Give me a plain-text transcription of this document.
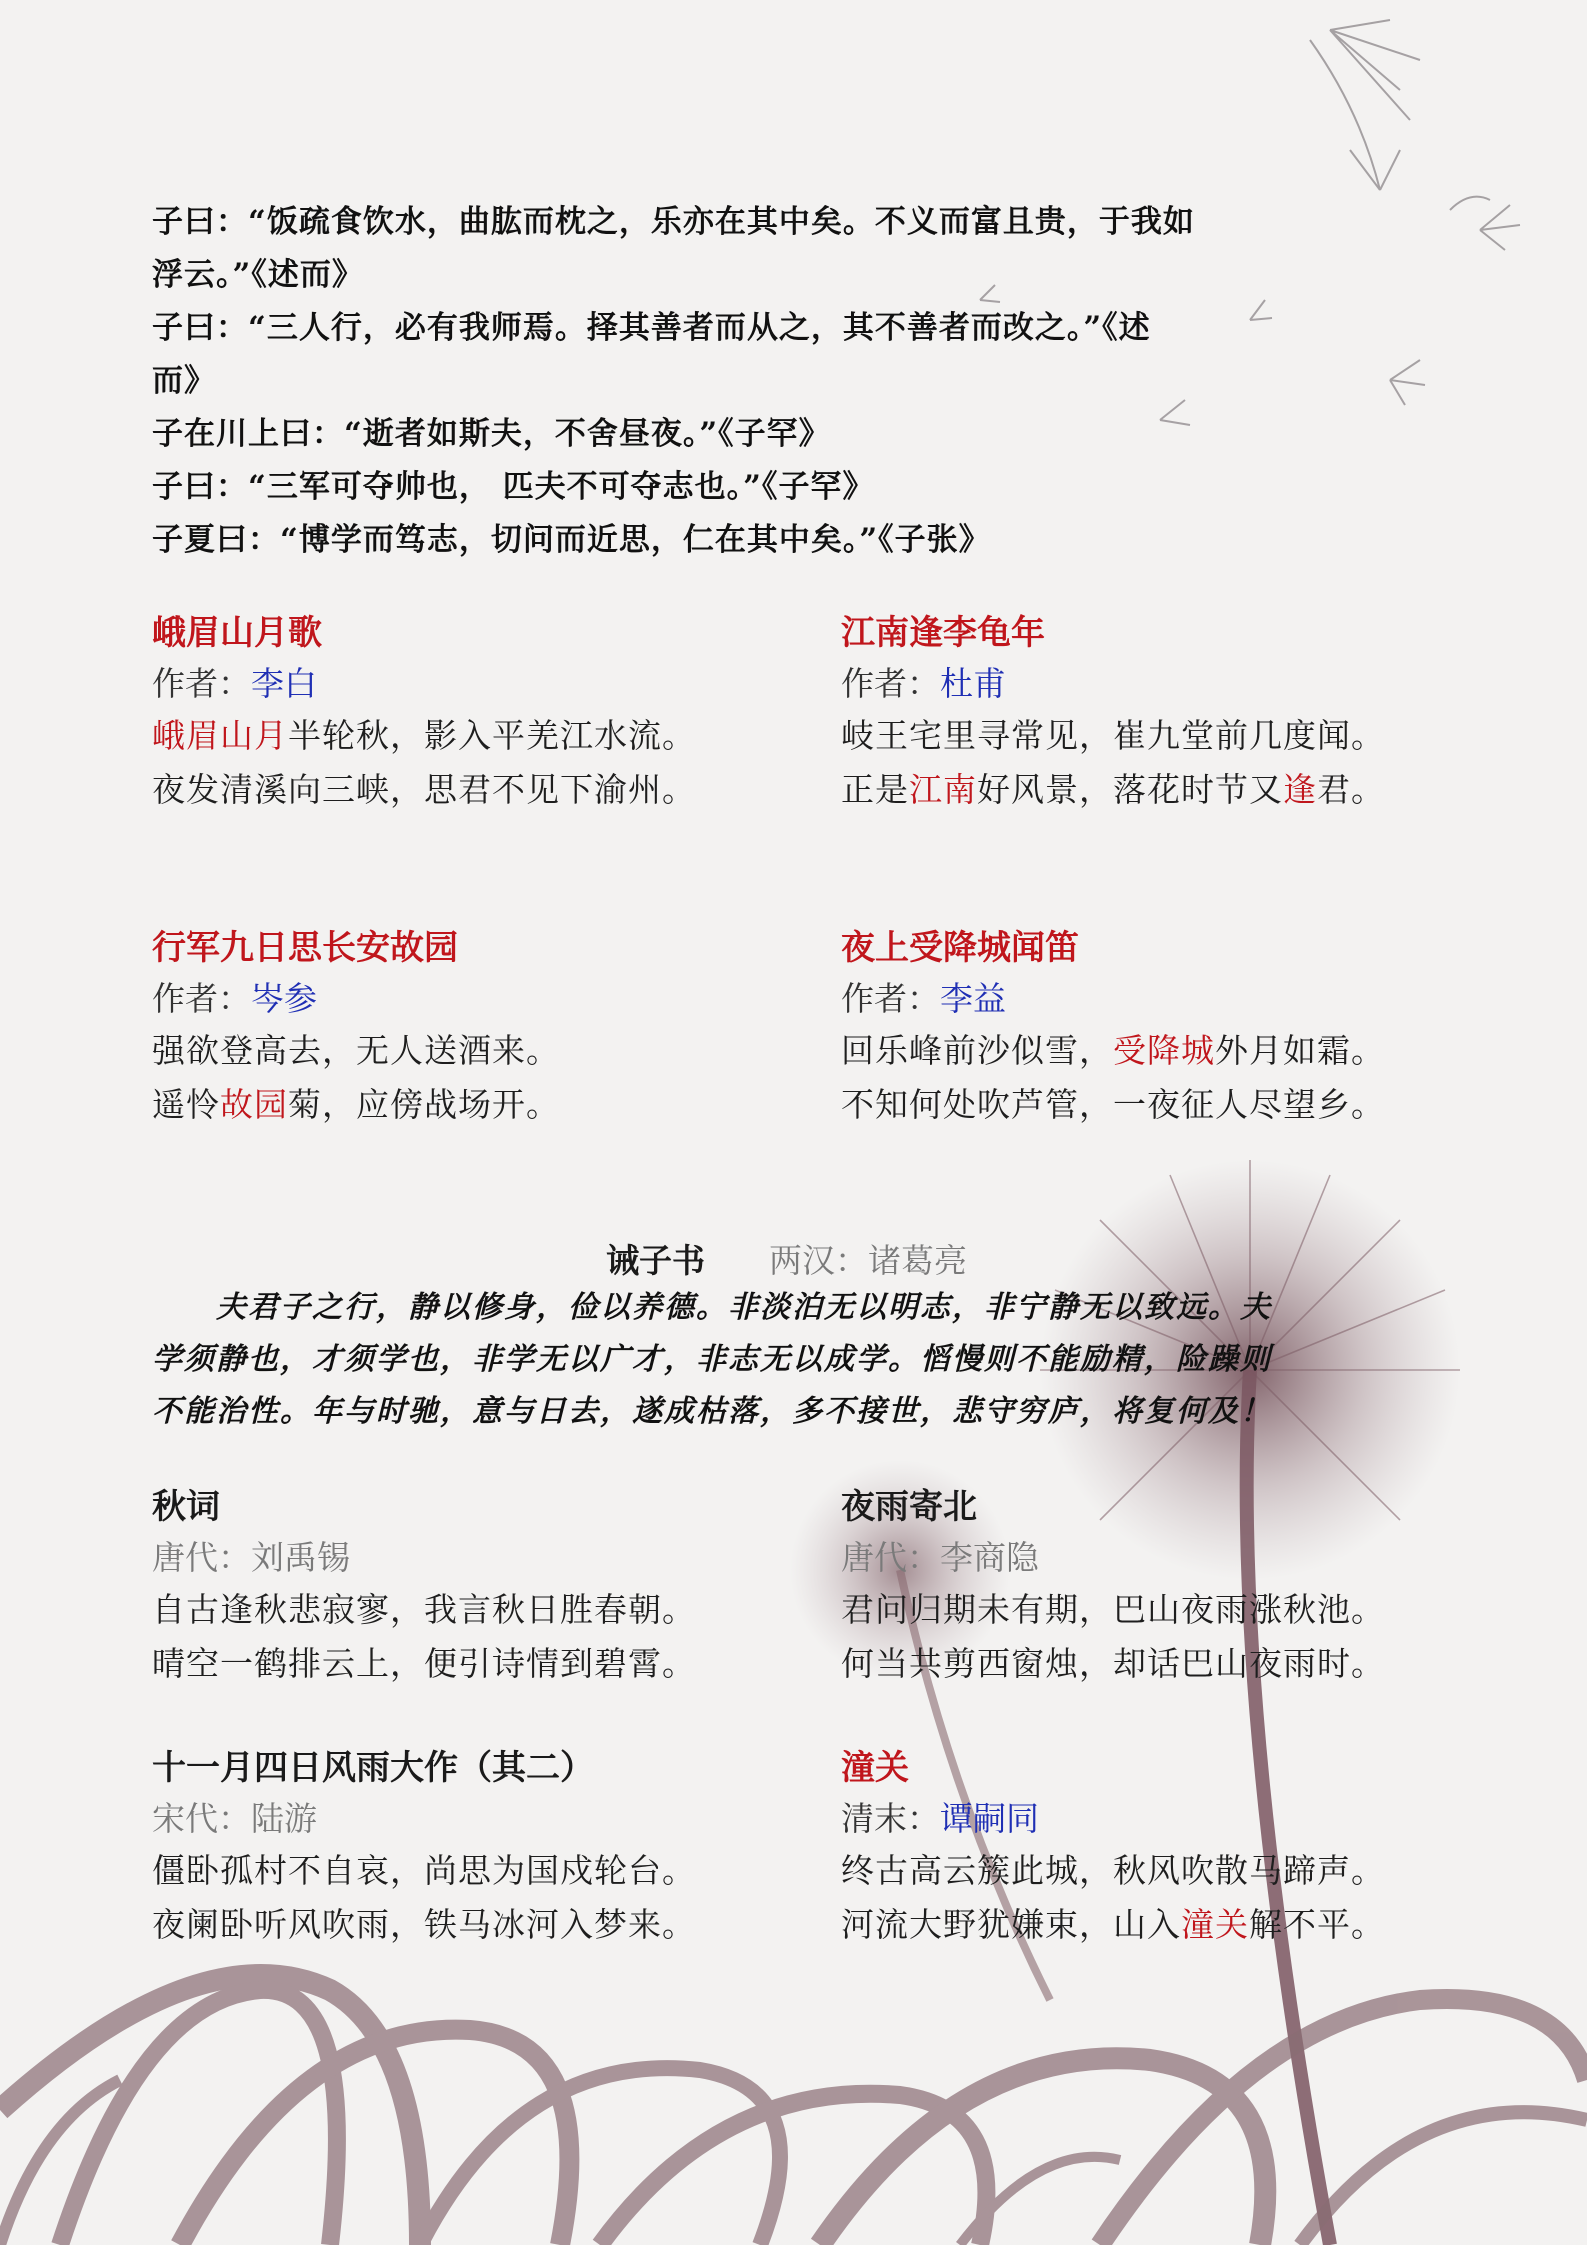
子曰：“饭疏食饮水，曲肱而枕之，乐亦在其中矣。不义而富且贵，于我如
浮云。”《述而》
子曰：“三人行，必有我师焉。择其善者而从之，其不善者而改之。”《述
而》
子在川上曰：“逝者如斯夫，不舍昼夜。”《子罕》
子曰：“三军可夺帅也， 匹夫不可夺志也。”《子罕》
子夏曰：“博学而笃志，切问而近思，仁在其中矣。”《子张》
峨眉山月歌
作者：李白
峨眉山月半轮秋，影入平羌江水流。
夜发清溪向三峡，思君不见下渝州。
江南逢李龟年
作者：杜甫
岐王宅里寻常见，崔九堂前几度闻。
正是江南好风景，落花时节又逢君。
行军九日思长安故园
作者：岑参
强欲登高去，无人送酒来。
遥怜故园菊，应傍战场开。
夜上受降城闻笛
作者：李益
回乐峰前沙似雪，受降城外月如霜。
不知何处吹芦管，一夜征人尽望乡。
诫子书 两汉：诸葛亮
　　夫君子之行，静以修身，俭以养德。非淡泊无以明志，非宁静无以致远。夫
学须静也，才须学也，非学无以广才，非志无以成学。慆慢则不能励精，险躁则
不能治性。年与时驰，意与日去，遂成枯落，多不接世，悲守穷庐，将复何及！
秋词
唐代：刘禹锡
自古逢秋悲寂寥，我言秋日胜春朝。
晴空一鹤排云上，便引诗情到碧霄。
夜雨寄北
唐代：李商隐
君问归期未有期，巴山夜雨涨秋池。
何当共剪西窗烛，却话巴山夜雨时。
十一月四日风雨大作（其二）
宋代：陆游
僵卧孤村不自哀，尚思为国戍轮台。
夜阑卧听风吹雨，铁马冰河入梦来。
潼关
清末：谭嗣同
终古高云簇此城，秋风吹散马蹄声。
河流大野犹嫌束，山入潼关解不平。
